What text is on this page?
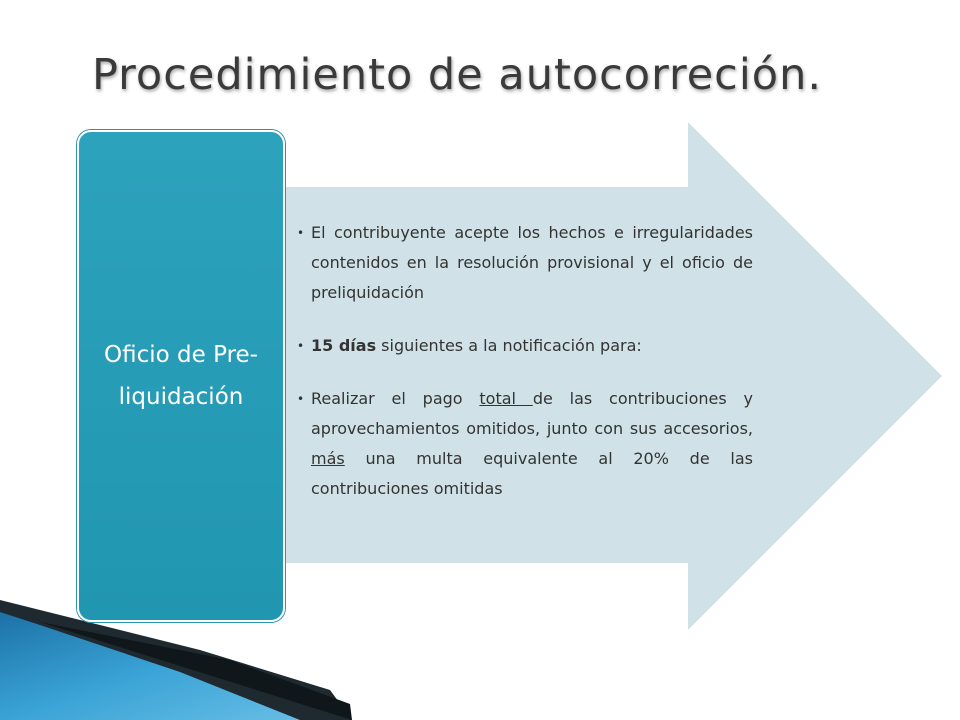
Procedimiento de autocorreción.
• El contribuyente acepte los hechos e irregularidades contenidos en la resolución provisional y el oficio de preliquidación
• 15 días siguientes a la notificación para:
• Realizar el pago total de las contribuciones y aprovechamientos omitidos, junto con sus accesorios, más una multa equivalente al 20% de las contribuciones omitidas
Oficio de Pre-liquidación
